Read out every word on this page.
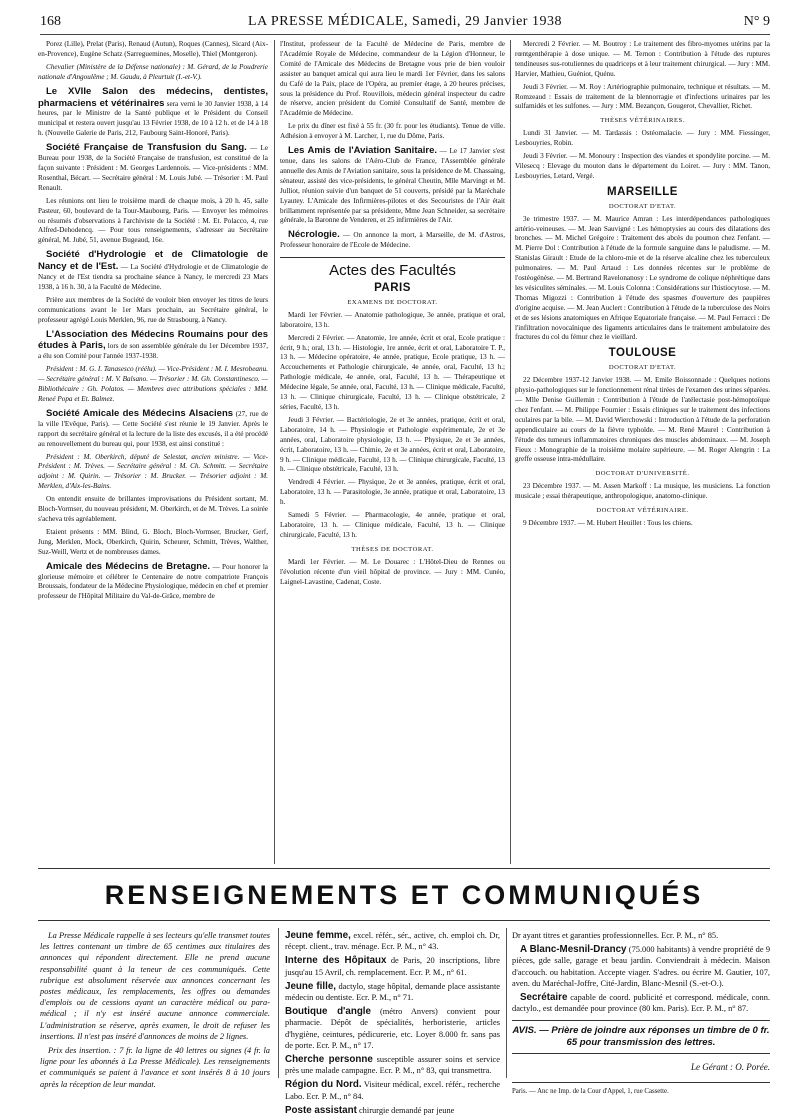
168	LA PRESSE MÉDICALE, Samedi, 29 Janvier 1938	N° 9

Porez (Lille), Prelat (Paris), Renaud (Autun), Roques (Cannes), Sicard (Aix-en-Provence), Eugène Schatz (Sarreguemines, Moselle), Thiel (Montgeron).

Chevalier (Ministère de la Défense nationale) : M. Gérard, de la Poudrerie nationale d'Angoulême ; M. Gaudu, à Pleurtuit (I.-et-V.).

Le XVIIe Salon des médecins, dentistes, pharmaciens et vétérinaires sera verni le 30 Janvier 1938, à 14 heures, par le Ministre de la Santé publique et le Président du Conseil municipal et restera ouvert jusqu'au 13 Février 1938, de 10 à 12 h. et de 14 à 18 h. (Nouvelle Galerie de Paris, 212, Faubourg Saint-Honoré, Paris).

Société Française de Transfusion du Sang. — Le Bureau pour 1938, de la Société Française de transfusion, est constitué de la façon suivante : Président : M. Georges Lardennois. — Vice-présidents : MM. Rosenthal, Bécart. — Secrétaire général : M. Louis Jubé. — Trésorier : M. Paul Renault.

Les réunions ont lieu le troisième mardi de chaque mois, à 20 h. 45, salle Pasteur, 60, boulevard de la Tour-Maubourg, Paris. — Envoyer les mémoires ou résumés d'observations à l'archiviste de la Société : M. Et. Polacco, 4, rue Alfred-Dehodencq. — Pour tous renseignements, s'adresser au Secrétaire général, M. Jubé, 51, avenue Bugeaud, 16e.

Société d'Hydrologie et de Climatologie de Nancy et de l'Est. — La Société d'Hydrologie et de Climatologie de Nancy et de l'Est tiendra sa prochaine séance à Nancy, le mercredi 23 Mars 1938, à 16 h. 30, à la Faculté de Médecine.

Prière aux membres de la Société de vouloir bien envoyer les titres de leurs communications avant le 1er Mars prochain, au Secrétaire général, le professeur agrégé Louis Merklen, 96, rue de Strasbourg, à Nancy.

L'Association des Médecins Roumains pour des études à Paris, lors de son assemblée générale du 1er Décembre 1937, a élu son Comité pour l'année 1937-1938.

Président : M. G. I. Tanasesco (réélu). — Vice-Président : M. I. Mesrobeanu. — Secrétaire général : M. V. Balsano. — Trésorier : M. Gh. Constantinesco. — Bibliothécaire : Gh. Polatos. — Membres avec attributions spéciales : MM. Reneé Popa et Et. Balmez.

Société Amicale des Médecins Alsaciens (27, rue de la ville l'Evêque, Paris). — Cette Société s'est réunie le 19 Janvier. Après le rapport du secrétaire général et la lecture de la liste des excusés, il a été procédé au renouvellement du bureau qui, pour 1938, est ainsi constitué :

Président : M. Oberkirch, député de Selestat, ancien ministre. — Vice-Président : M. Trèves. — Secrétaire général : M. Ch. Schmitt. — Secrétaire adjoint : M. Quirin. — Trésorier : M. Brucker. — Trésorier adjoint : M. Merklen, d'Aix-les-Bains.

On entendit ensuite de brillantes improvisations du Président sortant, M. Bloch-Vormser, du nouveau président, M. Oberkirch, et de M. Trèves. La soirée s'acheva très agréablement.

Etaient présents : MM. Blind, G. Bloch, Bloch-Vormser, Brucker, Gerf, Jung, Merklen, Mock, Oberkirch, Quirin, Scheurer, Schmitt, Trèves, Walther, Suz-Weill, Wertz et de nombreuses dames.

Amicale des Médecins de Bretagne. — Pour honorer la glorieuse mémoire et célébrer le Centenaire de notre compatriote François Broussais, fondateur de la Médecine Physiologique, médecin en chef et premier professeur de l'Hôpital Militaire du Val-de-Grâce, membre de

l'Institut, professeur de la Faculté de Médecine de Paris, membre de l'Académie Royale de Médecine, commandeur de la Légion d'Honneur, le Comité de l'Amicale des Médecins de Bretagne vous prie de bien vouloir assister au banquet amical qui aura lieu le mardi 1er Février, dans les salons du Café de la Paix, place de l'Opéra, au premier étage, à 20 heures précises, sous la présidence du Prof. Rouvillois, médecin général inspecteur du cadre de réserve, ancien président du Comité Consultatif de Santé, membre de l'Académie de Médecine.

Le prix du dîner est fixé à 55 fr. (30 fr. pour les étudiants). Tenue de ville. Adhésion à envoyer à M. Larcher, 1, rue du Dôme, Paris.

Les Amis de l'Aviation Sanitaire. — Le 17 Janvier s'est tenue, dans les salons de l'Aéro-Club de France, l'Assemblée générale annuelle des Amis de l'Aviation sanitaire, sous la présidence de M. Chassaing, sénateur, assisté des vice-présidents, le général Cheutin, Mlle Marvingt et M. Julliot, réunion suivie d'un banquet de 51 couverts, présidé par la Maréchale Lyautey. L'Amicale des Infirmières-pilotes et des Secouristes de l'Air était brillamment représentée par sa présidente, Mme Jean Schneider, sa secrétaire générale, la Baronne de Venderen, et 25 infirmières de l'Air.

Nécrologie. — On annonce la mort, à Marseille, de M. d'Astros, Professeur honoraire de l'Ecole de Médecine.

Actes des Facultés
PARIS
EXAMENS DE DOCTORAT.

Mardi 1er Février. — Anatomie pathologique, 3e année, pratique et oral, laboratoire, 13 h.

Mercredi 2 Février. — Anatomie, 1re année, écrit et oral, Ecole pratique : écrit, 9 h.; oral, 13 h. — Histologie, 1re année, écrit et oral, Laboratoire T. P., 13 h. — Médecine opératoire, 4e année, pratique, Ecole pratique, 13 h. — Accouchements et Pathologie chirurgicale, 4e année, oral, Faculté, 13 h.; Pathologie médicale, 4e année, oral, Faculté, 13 h. — Thérapeutique et Médecine légale, 5e année, oral, Faculté, 13 h. — Clinique médicale, Faculté, 13 h. — Clinique chirurgicale, Faculté, 13 h. — Clinique obstétricale, 2 séries, Faculté, 13 h.

Jeudi 3 Février. — Bactériologie, 2e et 3e années, pratique, écrit et oral, Laboratoire, 14 h. — Physiologie et Pathologie expérimentale, 2e et 3e années, oral, Laboratoire physiologie, 13 h. — Physique, 2e et 3e années, écrit, Laboratoire, 13 h. — Chimie, 2e et 3e années, écrit et oral, Laboratoire, 9 h. — Clinique médicale, Faculté, 13 h. — Clinique chirurgicale, Faculté, 13 h. — Clinique obstétricale, Faculté, 13 h.

Vendredi 4 Février. — Physique, 2e et 3e années, pratique, écrit et oral, Laboratoire, 13 h. — Parasitologie, 3e année, pratique et oral, Laboratoire, 13 h.

Samedi 5 Février. — Pharmacologie, 4e année, pratique et oral, Laboratoire, 13 h. — Clinique médicale, Faculté, 13 h. — Clinique chirurgicale, Faculté, 13 h.

THÈSES DE DOCTORAT.

Mardi 1er Février. — M. Le Douarec : L'Hôtel-Dieu de Rennes ou l'évolution récente d'un vieil hôpital de province. — Jury : MM. Cunéo, Laignel-Lavastine, Cadenat, Coste.

Mercredi 2 Février. — M. Boutroy : Le traitement des fibro-myomes utérins par la rœntgenthérapie à dose unique. — M. Ternon : Contribution à l'étude des ruptures tendineuses sus-rotuliennes du quadriceps et à leur traitement chirurgical. — Jury : MM. Harvier, Mathieu, Guéniot, Quénu.

Jeudi 3 Février. — M. Roy : Artériographie pulmonaire, technique et résultats. — M. Romzeaud : Essais de traitement de la blennorragie et d'infections urinaires par les sulfamidés et les sulfones. — Jury : MM. Bezançon, Gougerot, Chevallier, Richet.

THÈSES VÉTÉRINAIRES.

Lundi 31 Janvier. — M. Tardassis : Ostéomalacie. — Jury : MM. Fiessinger, Lesbouyries, Robin.

Jeudi 3 Février. — M. Monoury : Inspection des viandes et spondylite porcine. — M. Vilesecq : Elevage du mouton dans le département du Loiret. — Jury : MM. Tanon, Lesbouyries, Letard, Vergé.

MARSEILLE
DOCTORAT D'ETAT.

3e trimestre 1937. — M. Maurice Amran : Les interdépendances pathologiques artério-veineuses. — M. Jean Sauvigné : Les hémoptysies au cours des dilatations des bronches. — M. Michel Grégoire : Traitement des abcès du poumon chez l'enfant. — M. Pierre Dol : Contribution à l'étude de la formule sanguine dans le paludisme. — M. Stanislas Girault : Etude de la chloro-mie et de la réserve alcaline chez les tuberculeux pulmonaires. — M. Paul Artaud : Les données récentes sur le problème de l'ostéogénèse. — M. Bertrand Ravelonanosy : Le syndrome de colique néphrétique dans les vésiculites séminales. — M. Louis Colonna : Considérations sur l'histiocytose. — M. Thomas Migozzi : Contribution à l'étude des spasmes d'ouverture des paupières d'origine acquise. — M. Jean Auclert : Contribution à l'étude de la tuberculose des Noirs et de ses lésions anatomiques en Afrique Equatoriale française. — M. Paul Ferracci : De l'infiltration novocaïnique des ligaments articulaires dans le traitement ambulatoire des fractures du col du fémur chez le vieillard.

TOULOUSE
DOCTORAT D'ETAT.

22 Décembre 1937-12 Janvier 1938. — M. Emile Boissonnade : Quelques notions physio-pathologiques sur le fonctionnement rénal tirées de l'examen des urines séparées. — Mlle Denise Guillemin : Contribution à l'étude de l'atélectasie post-hémoptoïque chez l'enfant. — M. Philippe Fournier : Essais cliniques sur le traitement des infections oculaires par la bile. — M. David Wierchowski : Introduction à l'étude de la perforation appendiculaire au cours de la fièvre typhoïde. — M. René Maurel : Contribution à l'étude des tumeurs inflammatoires chroniques des muscles abdominaux. — M. Joseph Fieux : Monographie de la troisième molaire supérieure. — M. Roger Alengrin : La greffe osseuse intra-médullaire.

DOCTORAT D'UNIVERSITÉ.

23 Décembre 1937. — M. Assen Markoff : La musique, les musiciens. La fonction musicale ; essai thérapeutique, anthropologique, anatomo-clinique.

DOCTORAT VÉTÉRINAIRE.

9 Décembre 1937. — M. Hubert Heuillet : Tous les chiens.

RENSEIGNEMENTS ET COMMUNIQUÉS

La Presse Médicale rappelle à ses lecteurs qu'elle transmet toutes les lettres contenant un timbre de 65 centimes aux titulaires des annonces qui répondent directement. Elle ne prend aucune responsabilité quant à la teneur de ces communiqués. Cette rubrique est absolument réservée aux annonces concernant les postes médicaux, les remplacements, les offres ou demandes d'emplois ou de cessions ayant un caractère médical ou para-médical ; il n'y est inséré aucune annonce commerciale. L'administration se réserve, après examen, le droit de refuser les insertions. Il n'est pas inséré d'annonces de moins de 2 lignes.

Prix des insertion. : 7 fr. la ligne de 40 lettres ou signes (4 fr. la ligne pour les abonnés à La Presse Médicale). Les renseignements et communiqués se paient à l'avance et sont insérés 8 à 10 jours après la réception de leur mandat.

Jeune femme, excel. référ., sér., active, ch. emploi ch. Dr, récept. client., trav. ménage. Ecr. P. M., n° 43.

Interne des Hôpitaux de Paris, 20 inscriptions, libre jusqu'au 15 Avril, ch. remplacement. Ecr. P. M., n° 61.

Jeune fille, dactylo, stage hôpital, demande place assistante médecin ou dentiste. Ecr. P. M., n° 71.

Boutique d'angle (métro Anvers) convient pour pharmacie. Dépôt de spécialités, herboristerie, articles d'hygiène, ceintures, pédicurerie, etc. Loyer 8.000 fr. sans pas de porte. Ecr. P. M., n° 17.

Cherche personne susceptible assurer soins et service près une malade campagne. Ecr. P. M., n° 83, qui transmettra.

Région du Nord. Visiteur médical, excel. référ., recherche Labo. Ecr. P. M., n° 84.

Poste assistant chirurgie demandé par jeune

Dr ayant titres et garanties professionnelles. Ecr. P. M., n° 85.

A Blanc-Mesnil-Drancy (75.000 habitants) à vendre propriété de 9 pièces, gde salle, garage et beau jardin. Conviendrait à médecin. Maison d'accouch. ou habitation. Accepte viager. S'adres. ou écrire M. Gautier, 107, aven. du Maréchal-Joffre, Cité-Jardin, Blanc-Mesnil (S.-et-O.).

Secrétaire capable de coord. publicité et correspond. médicale, conn. dactylo., est demandée pour province (80 km. Paris). Ecr. P. M., n° 87.

AVIS. — Prière de joindre aux réponses un timbre de 0 fr. 65 pour transmission des lettres.
Le Gérant : O. Porée.
Paris. — Anc ne Imp. de la Cour d'Appel, 1, rue Cassette.
